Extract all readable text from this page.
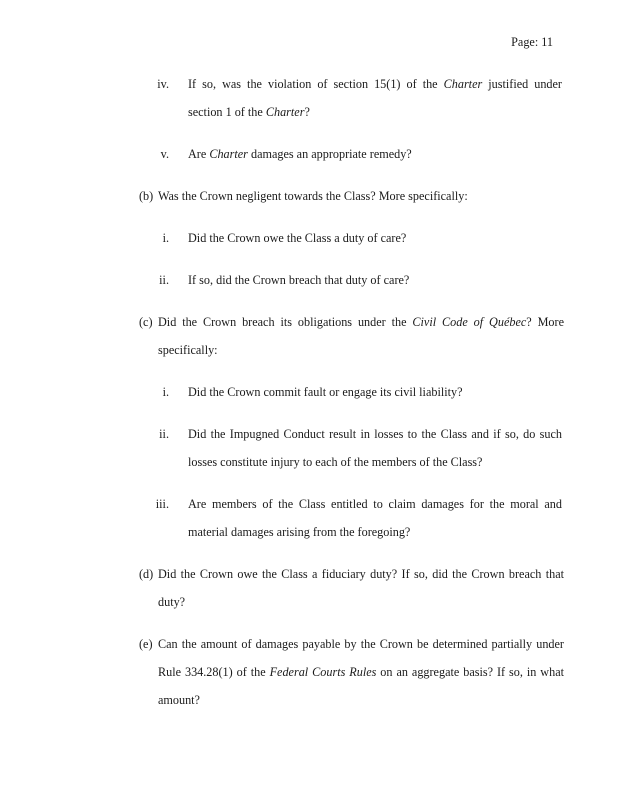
Page: 11
iv. If so, was the violation of section 15(1) of the Charter justified under
section 1 of the Charter?
v. Are Charter damages an appropriate remedy?
(b) Was the Crown negligent towards the Class? More specifically:
i. Did the Crown owe the Class a duty of care?
ii. If so, did the Crown breach that duty of care?
(c) Did the Crown breach its obligations under the Civil Code of Québec? More
specifically:
i. Did the Crown commit fault or engage its civil liability?
ii. Did the Impugned Conduct result in losses to the Class and if so, do such
losses constitute injury to each of the members of the Class?
iii. Are members of the Class entitled to claim damages for the moral and
material damages arising from the foregoing?
(d) Did the Crown owe the Class a fiduciary duty? If so, did the Crown breach that
duty?
(e) Can the amount of damages payable by the Crown be determined partially under
Rule 334.28(1) of the Federal Courts Rules on an aggregate basis? If so, in what
amount?
